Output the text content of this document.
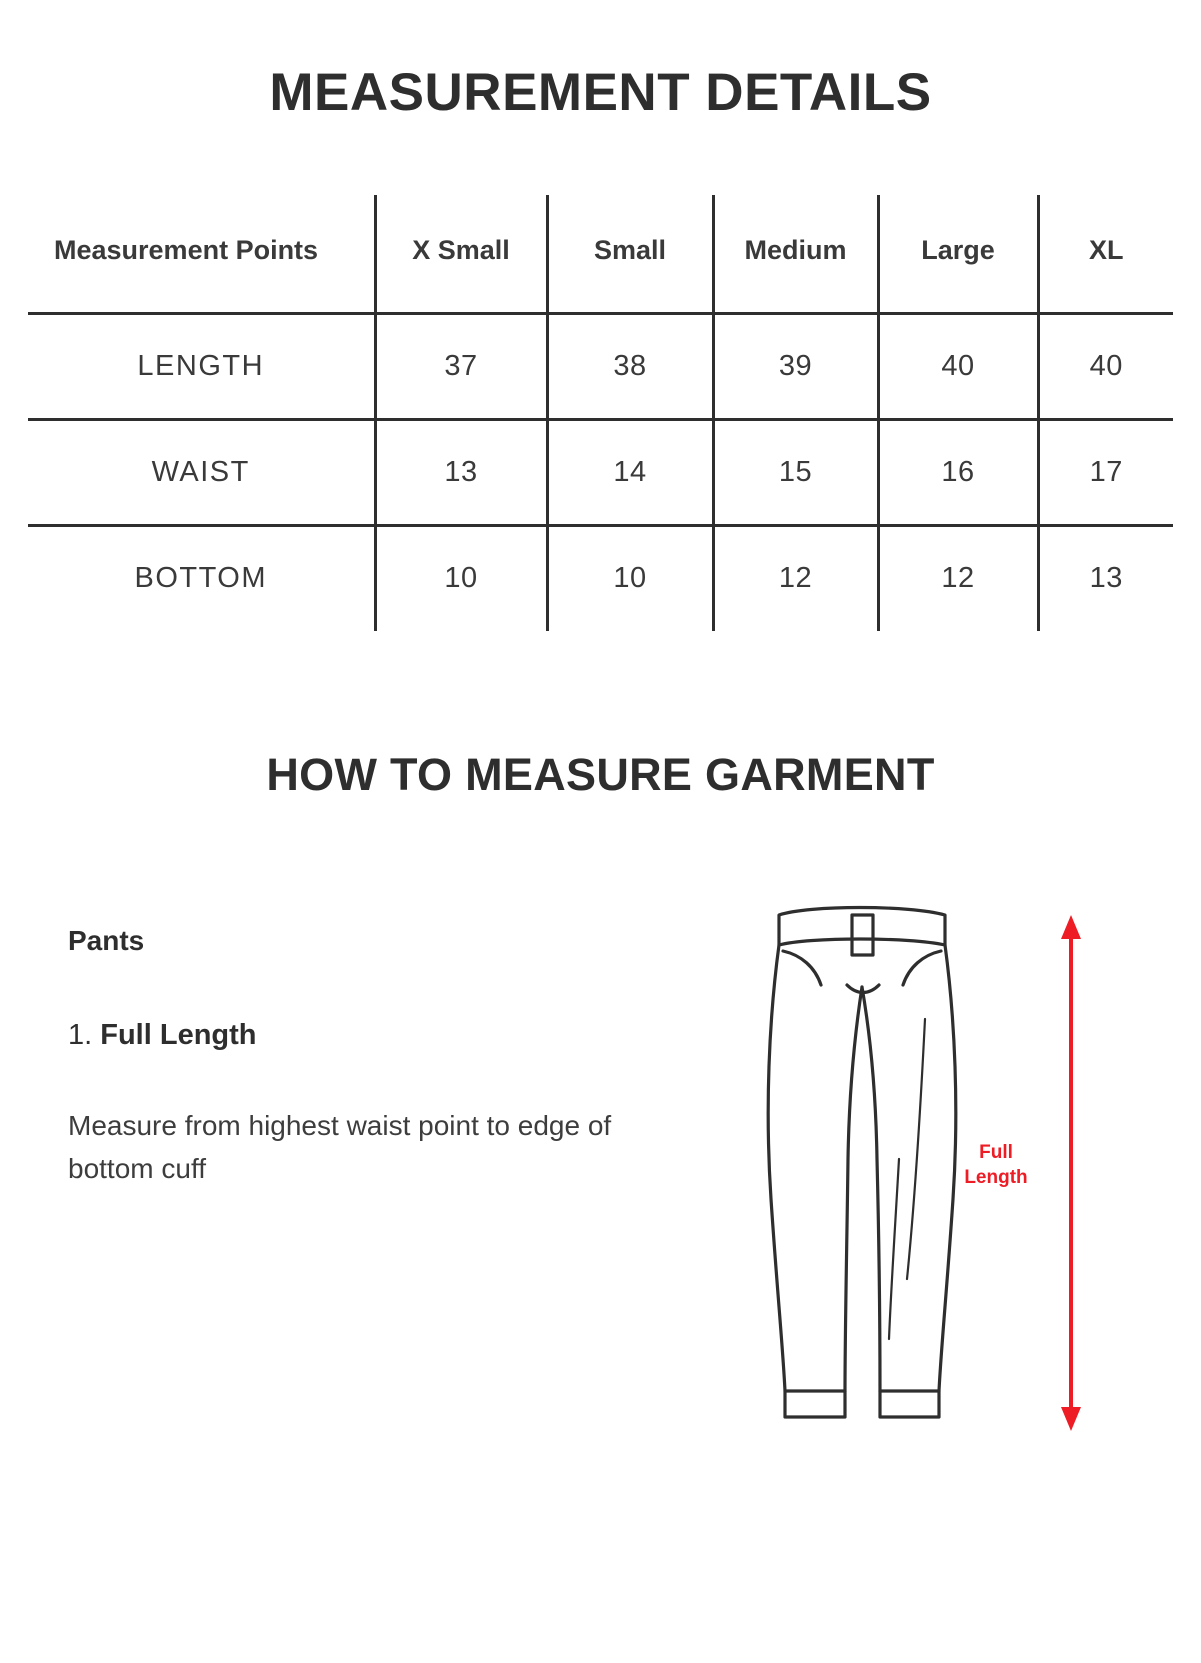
MEASUREMENT DETAILS
Measurement Points	X Small	Small	Medium	Large	XL
LENGTH	37	38	39	40	40
WAIST	13	14	15	16	17
BOTTOM	10	10	12	12	13
HOW TO MEASURE GARMENT
Pants
1. Full Length
Measure from highest waist point to edge of bottom cuff
Full
Length
